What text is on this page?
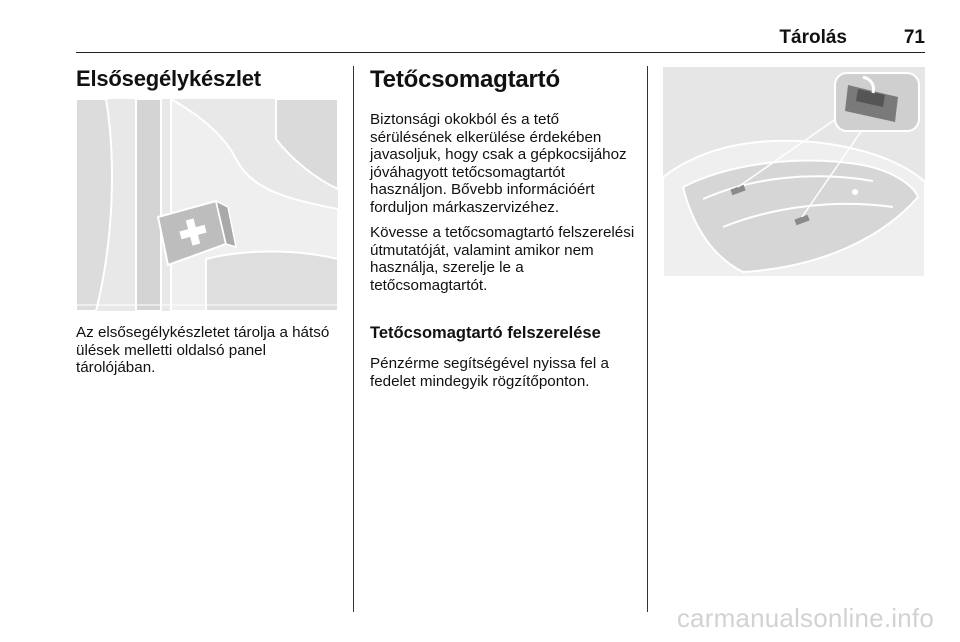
Tárolás	71
Elsősegélykészlet

Az elsősegélykészletet tárolja a hátsó ülések melletti oldalsó panel tárolójában.

Tetőcsomagtartó

Biztonsági okokból és a tető sérülésének elkerülése érdekében javasoljuk, hogy csak a gépkocsijához jóváhagyott tetőcsomagtartót használjon. Bővebb információért forduljon márkaszervizéhez.

Kövesse a tetőcsomagtartó felszerelési útmutatóját, valamint amikor nem használja, szerelje le a tetőcsomagtartót.

Tetőcsomagtartó felszerelése

Pénzérme segítségével nyissa fel a fedelet mindegyik rögzítőponton.

carmanualsonline.info
